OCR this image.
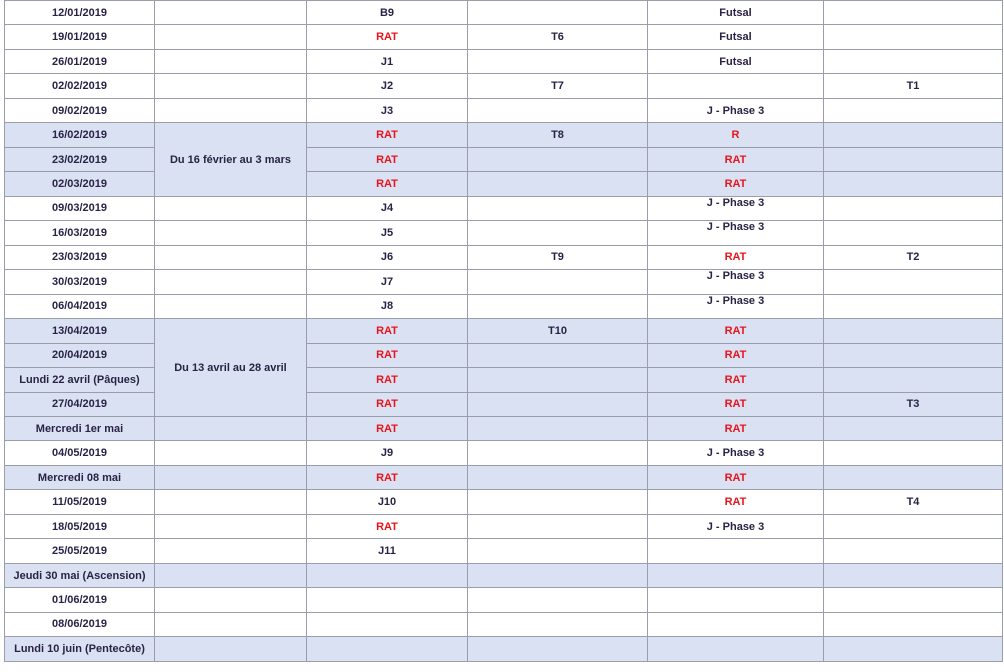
12/01/2019		B9		Futsal	
19/01/2019		RAT	T6	Futsal	
26/01/2019		J1		Futsal	
02/02/2019		J2	T7		T1
09/02/2019		J3		J - Phase 3	
16/02/2019	Du 16 février au 3 mars	RAT	T8	R	
23/02/2019		RAT		RAT	
02/03/2019		RAT		RAT	
09/03/2019		J4		J - Phase 3	
16/03/2019		J5		J - Phase 3	
23/03/2019		J6	T9	RAT	T2
30/03/2019		J7		J - Phase 3	
06/04/2019		J8		J - Phase 3	
13/04/2019	Du 13 avril au 28 avril	RAT	T10	RAT	
20/04/2019		RAT		RAT	
Lundi 22 avril (Pâques)		RAT		RAT	
27/04/2019		RAT		RAT	T3
Mercredi 1er mai		RAT		RAT	
04/05/2019		J9		J - Phase 3	
Mercredi 08 mai		RAT		RAT	
11/05/2019		J10		RAT	T4
18/05/2019		RAT		J - Phase 3	
25/05/2019		J11			
Jeudi 30 mai (Ascension)					
01/06/2019					
08/06/2019					
Lundi 10 juin (Pentecôte)					
